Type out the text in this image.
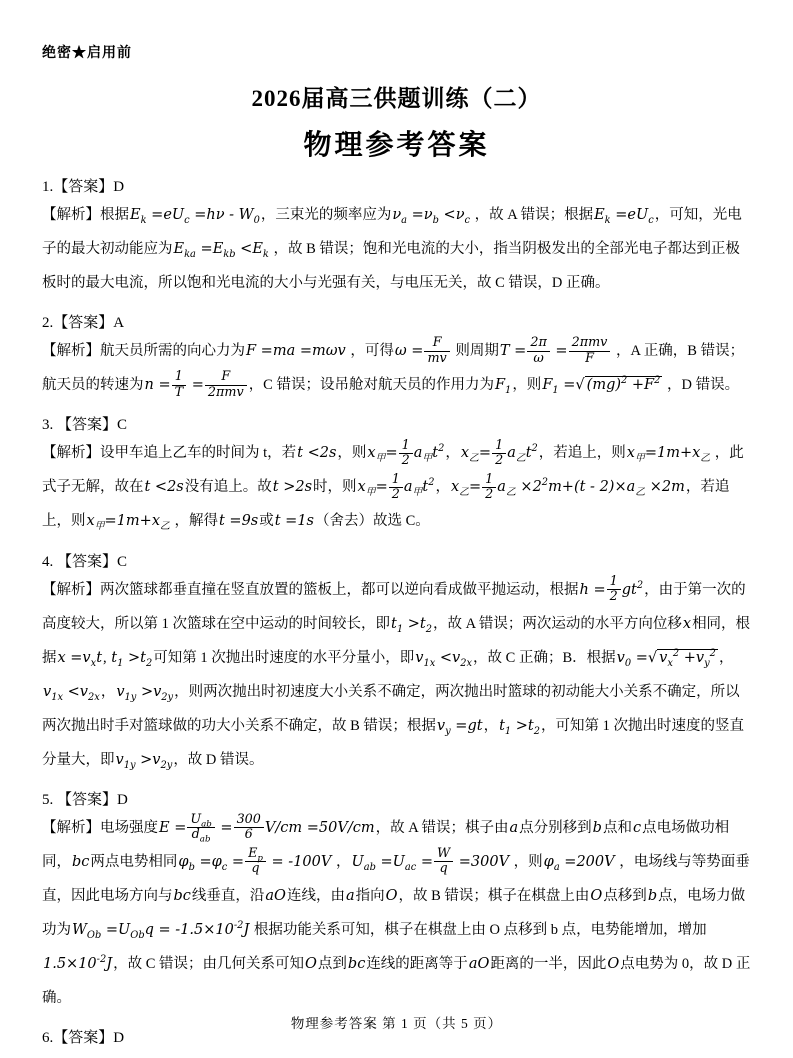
绝密★启用前
2026届高三供题训练（二）
物理参考答案

1.【答案】D

【解析】根据$E_k =eU_c =h\nu - W_0$，三束光的频率应为$\nu_a =\nu_b <\nu_c$ ，故 A 错误；根据$E_k =eU_c$，可知，光电子的最大初动能应为$E_{ka} =E_{kb} <E_k$ ，故 B 错误；饱和光电流的大小，指当阴极发出的全部光电子都达到正极板时的最大电流，所以饱和光电流的大小与光强有关，与电压无关，故 C 错误，D 正确。

2.【答案】A

【解析】航天员所需的向心力为F =ma =mωv ，可得$\omega = \frac{F}{mv}$ 则周期$T = \frac{2\pi}{\omega} = \frac{\text{2πmv}}{F}$ ，A 正确，B 错误；航天员的转速为$n = \frac{1}{T} = \frac{F}{\text{2πmv}}$ ，C 错误；设吊舱对航天员的作用力为$F_1$，则$F_1$ =√ $(mg)^2 +F^2$ ，D 错误。

3. 【答案】C

【解析】设甲车追上乙车的时间为 t，若t <2s，则$x_甲= \frac{1}{2} a_甲t^2$，$x_乙= \frac{1}{2} a_乙t^2$，若追上，则$x_甲=1m+x_乙$ ，此式子无解，故在t <2s没有追上。故t >2s时，则$x_甲= \frac{1}{2} a_甲t^2$，$x_乙= \frac{1}{2} a_乙 \times 2^2m+(t - 2)\times a_乙 \times 2m$，若追上，则$x_甲=1m+x_乙$ ，解得t =9s或t =1s（舍去）故选 C。

4. 【答案】C

【解析】两次篮球都垂直撞在竖直放置的篮板上，都可以逆向看成做平抛运动，根据$h = \frac{1}{2} gt^2$，由于第一次的高度较大，所以第 1 次篮球在空中运动的时间较长，即$t_1 >t_2$，故 A 错误；两次运动的水平方向位移x相同，根据$x =v_xt$, $t_1 >t_2$可知第 1 次抛出时速度的水平分量小，即$v_{1x} <v_{2x}$，故 C 正确；B．根据$v_0$ =√ $v_x^2 +v_y^2$ ，$v_{1x} <v_{2x}$，$v_{1y} >v_{2y}$，则两次抛出时初速度大小关系不确定，两次抛出时篮球的初动能大小关系不确定，所以两次抛出时手对篮球做的功大小关系不确定，故 B 错误；根据$v_y =gt$，$t_1 >t_2$，可知第 1 次抛出时速度的竖直分量大，即$v_{1y} >v_{2y}$，故 D 错误。

5. 【答案】D

【解析】电场强度$E = \frac{U_{ab}}{d_{ab}} = \frac{300}{6} V/cm =50V/cm$，故 A 错误；棋子由a点分别移到b点和c点电场做功相同，bc两点电势相同$\varphi_b =\varphi_c = \frac{E_p}{q} = -100V$ ，$U_{ab} =U_{ac} = \frac{W}{q} =300V$ ，则$\varphi_a =200V$ ，电场线与等势面垂直，因此电场方向与bc线垂直，沿aO连线，由a指向O，故 B 错误；棋子在棋盘上由O点移到b点，电场力做功为$W_{Ob} =U_{Ob}q = -1.5\times 10^{-2}J$ 根据功能关系可知，棋子在棋盘上由 O 点移到 b 点，电势能增加，增加$1.5\times 10^{-2}J$，故 C 错误；由几何关系可知O点到bc连线的距离等于aO距离的一半，因此O点电势为 0，故 D 正确。

6.【答案】D

物理参考答案 第 1 页（共 5 页）
